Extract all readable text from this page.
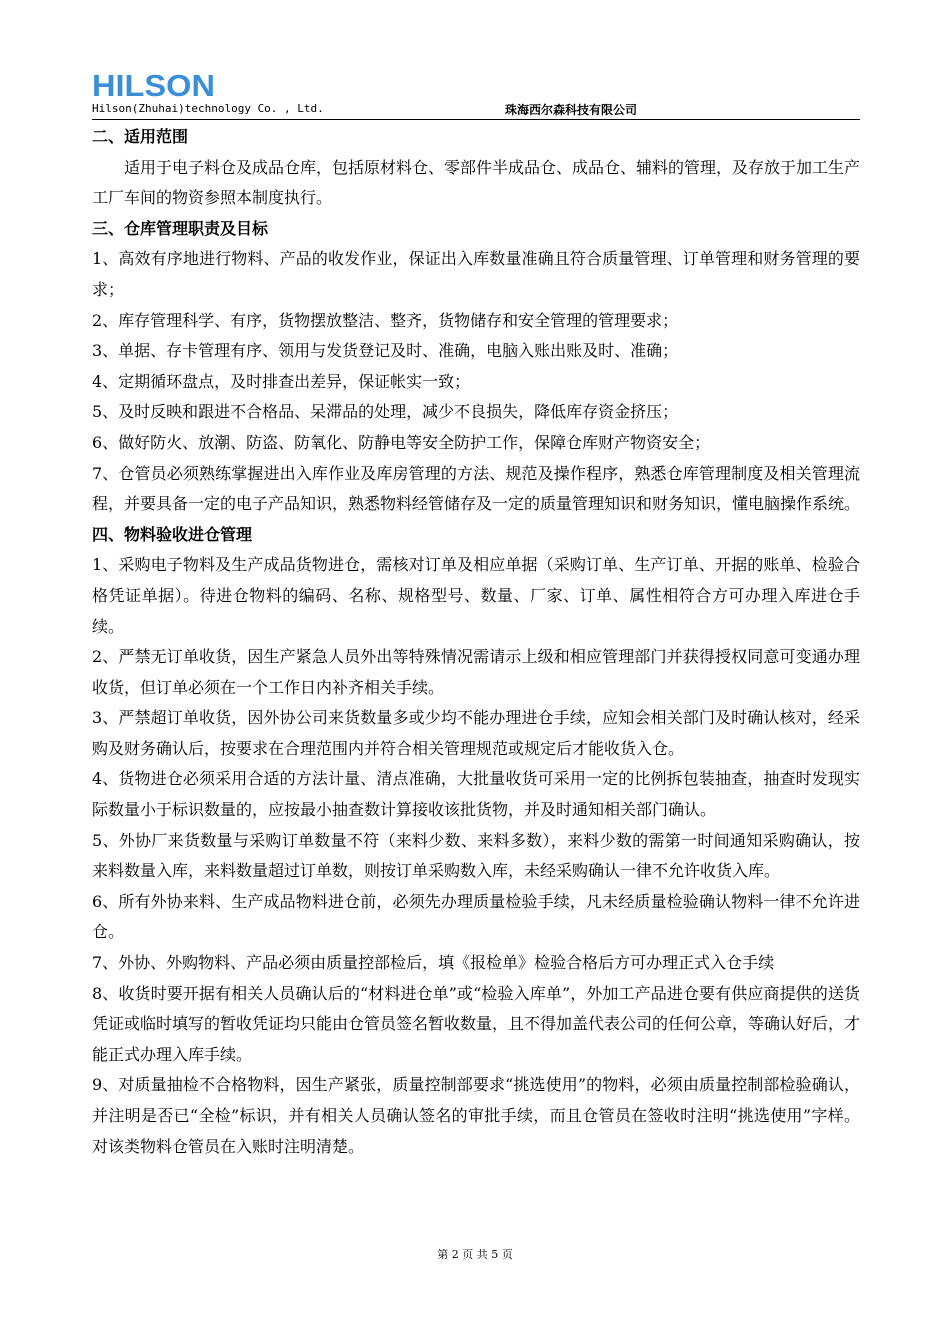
HILSON
Hilson(Zhuhai)technology Co. , Ltd.	珠海西尔森科技有限公司
二、适用范围
适用于电子料仓及成品仓库，包括原材料仓、零部件半成品仓、成品仓、辅料的管理，及存放于加工生产工厂车间的物资参照本制度执行。
三、仓库管理职责及目标
1、高效有序地进行物料、产品的收发作业，保证出入库数量准确且符合质量管理、订单管理和财务管理的要求；
2、库存管理科学、有序，货物摆放整洁、整齐，货物储存和安全管理的管理要求；
3、单据、存卡管理有序、领用与发货登记及时、准确，电脑入账出账及时、准确；
4、定期循环盘点，及时排查出差异，保证帐实一致；
5、及时反映和跟进不合格品、呆滞品的处理，减少不良损失，降低库存资金挤压；
6、做好防火、放潮、防盗、防氧化、防静电等安全防护工作，保障仓库财产物资安全；
7、仓管员必须熟练掌握进出入库作业及库房管理的方法、规范及操作程序，熟悉仓库管理制度及相关管理流程，并要具备一定的电子产品知识，熟悉物料经管储存及一定的质量管理知识和财务知识，懂电脑操作系统。
四、物料验收进仓管理
1、采购电子物料及生产成品货物进仓，需核对订单及相应单据（采购订单、生产订单、开据的账单、检验合格凭证单据）。待进仓物料的编码、名称、规格型号、数量、厂家、订单、属性相符合方可办理入库进仓手续。
2、严禁无订单收货，因生产紧急人员外出等特殊情况需请示上级和相应管理部门并获得授权同意可变通办理收货，但订单必须在一个工作日内补齐相关手续。
3、严禁超订单收货，因外协公司来货数量多或少均不能办理进仓手续，应知会相关部门及时确认核对，经采购及财务确认后，按要求在合理范围内并符合相关管理规范或规定后才能收货入仓。
4、货物进仓必须采用合适的方法计量、清点准确，大批量收货可采用一定的比例拆包装抽查，抽查时发现实际数量小于标识数量的，应按最小抽查数计算接收该批货物，并及时通知相关部门确认。
5、外协厂来货数量与采购订单数量不符（来料少数、来料多数），来料少数的需第一时间通知采购确认，按来料数量入库，来料数量超过订单数，则按订单采购数入库，未经采购确认一律不允许收货入库。
6、所有外协来料、生产成品物料进仓前，必须先办理质量检验手续，凡未经质量检验确认物料一律不允许进仓。
7、外协、外购物料、产品必须由质量控部检后，填《报检单》检验合格后方可办理正式入仓手续
8、收货时要开据有相关人员确认后的“材料进仓单”或“检验入库单”，外加工产品进仓要有供应商提供的送货凭证或临时填写的暂收凭证均只能由仓管员签名暂收数量，且不得加盖代表公司的任何公章，等确认好后，才能正式办理入库手续。
9、对质量抽检不合格物料，因生产紧张，质量控制部要求“挑选使用”的物料，必须由质量控制部检验确认，并注明是否已“全检”标识，并有相关人员确认签名的审批手续，而且仓管员在签收时注明“挑选使用”字样。对该类物料仓管员在入账时注明清楚。
第 2 页 共 5 页
